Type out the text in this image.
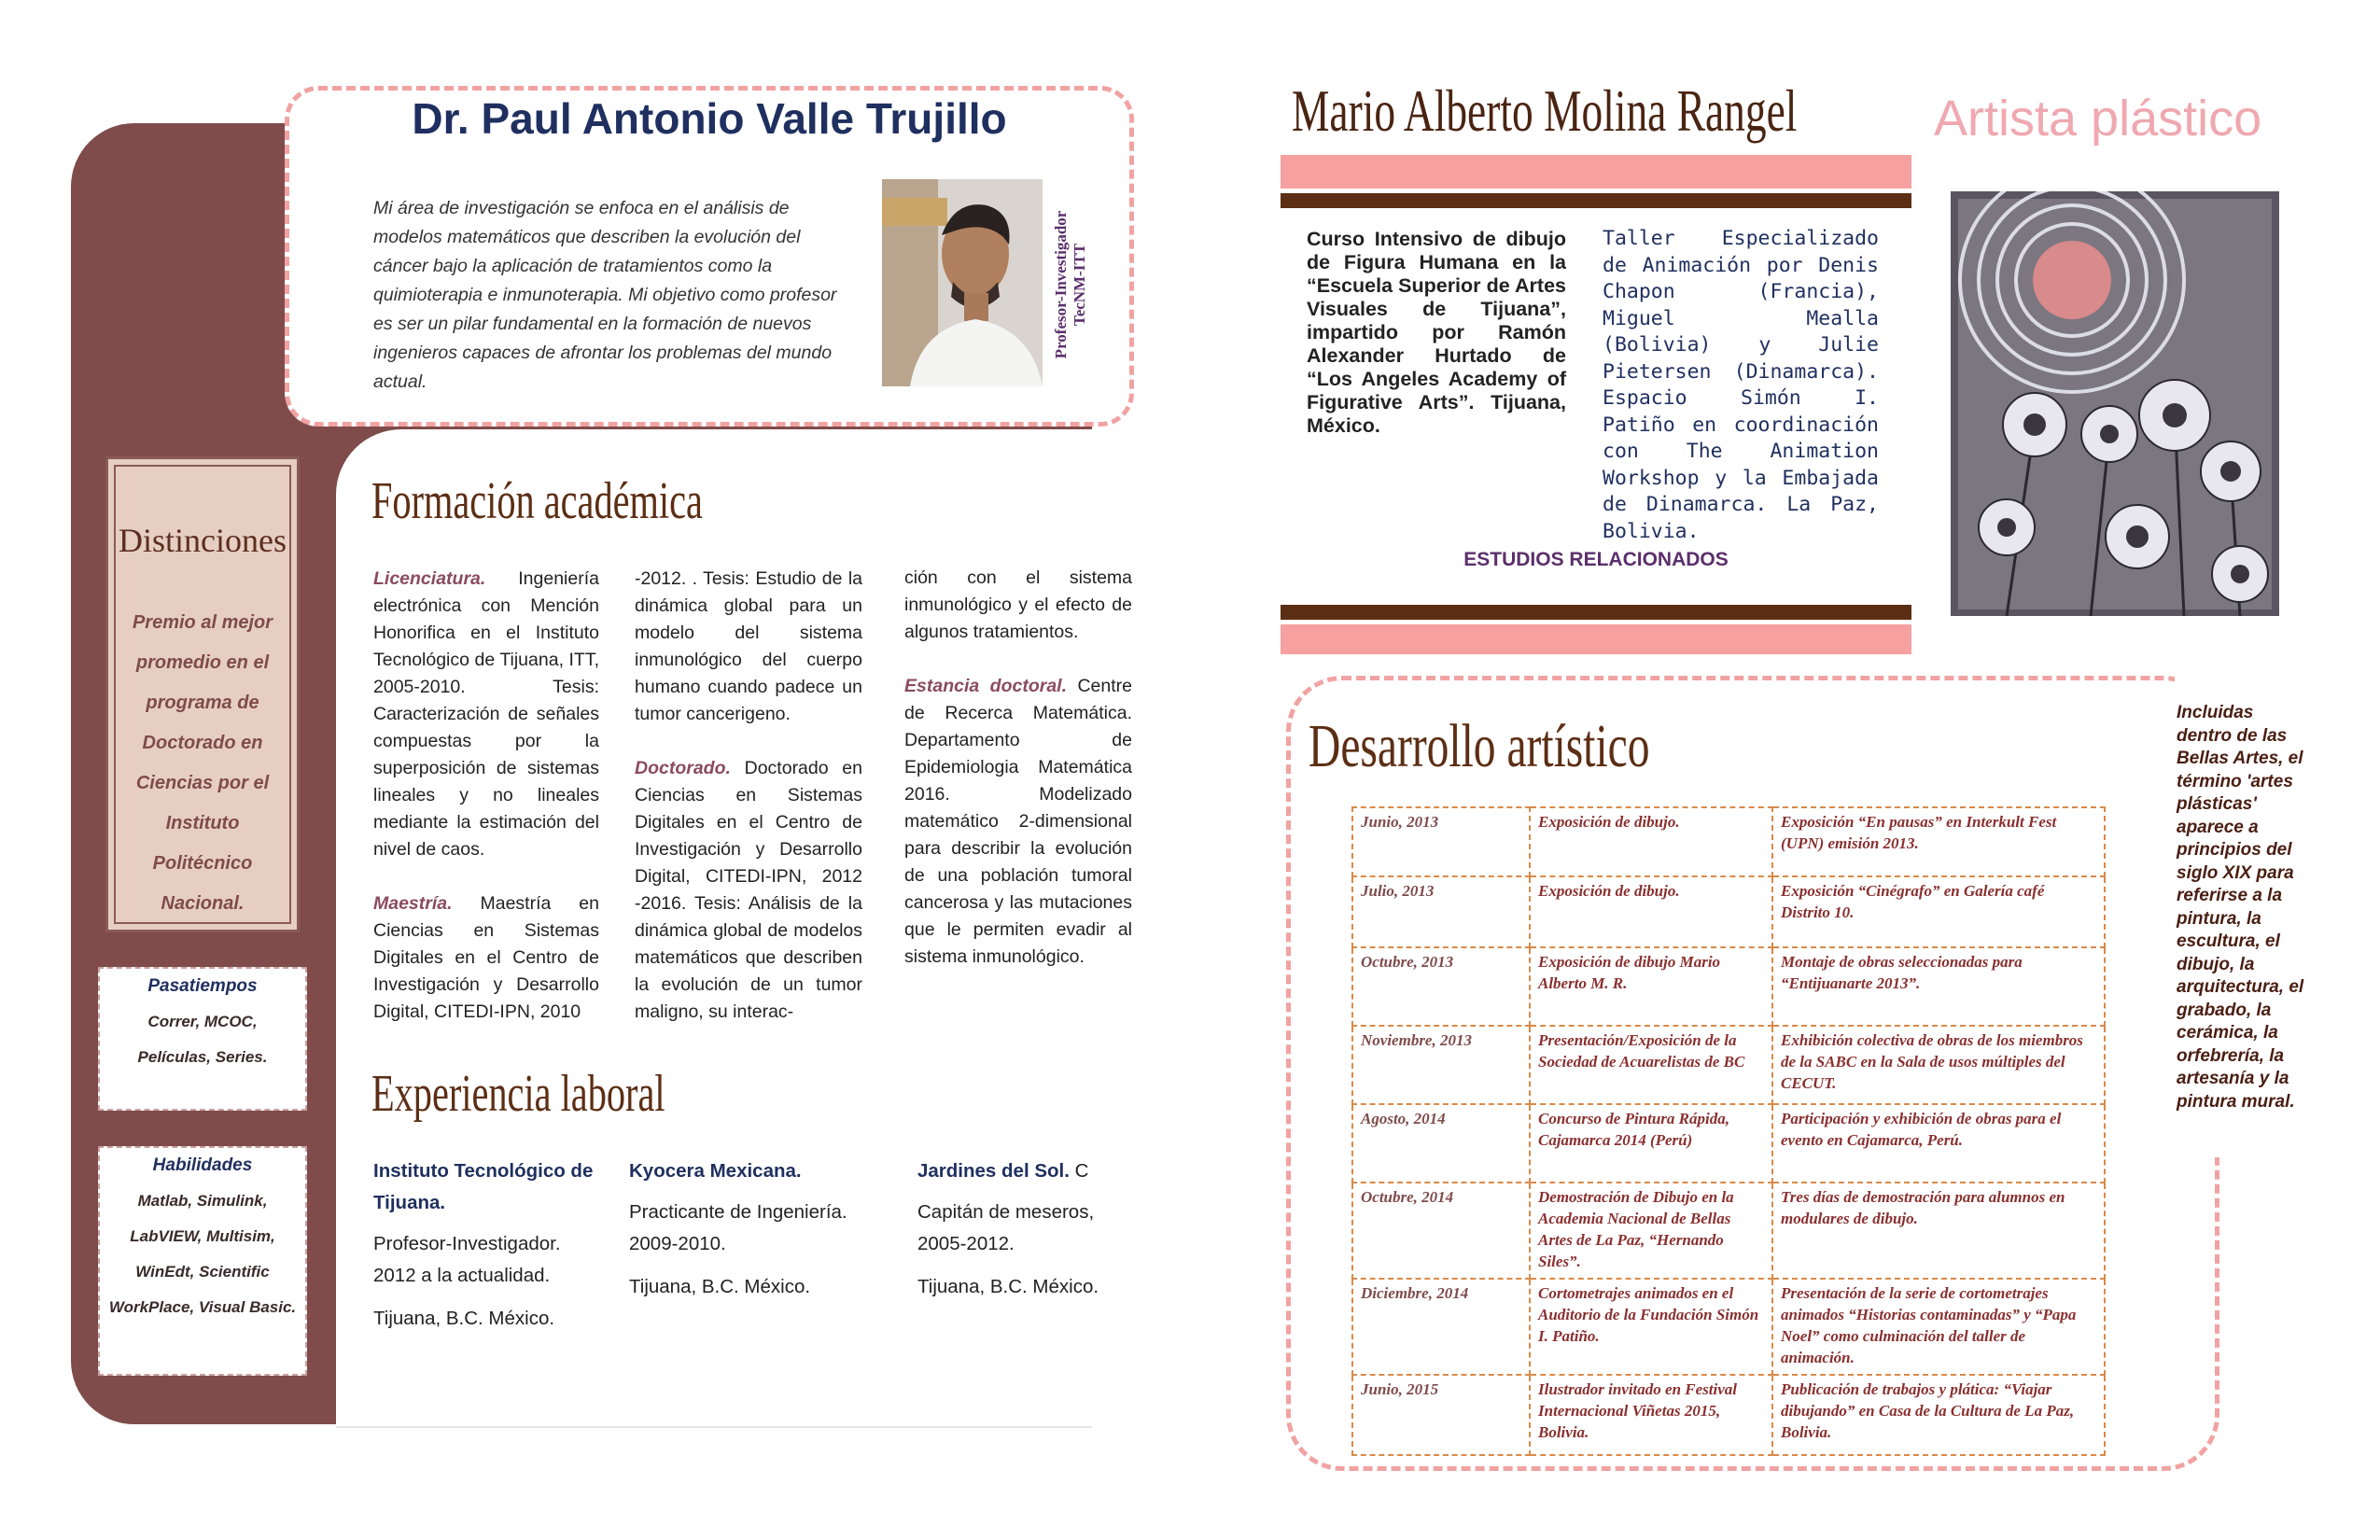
Dr. Paul Antonio Valle Trujillo
Mi área de investigación se enfoca en el análisis de modelos matemáticos que describen la evolución del cáncer bajo la aplicación de tratamientos como la quimioterapia e inmunoterapia. Mi objetivo como profesor es ser un pilar fundamental en la formación de nuevos ingenieros capaces de afrontar los problemas del mundo actual.
Profesor-Investigador
TecNM-ITT
Distinciones
Premio al mejor promedio en el programa de Doctorado en Ciencias por el Instituto Politécnico Nacional.
Pasatiempos
Correr, MCOC, Películas, Series.
Habilidades
Matlab, Simulink, LabVIEW, Multisim, WinEdt, Scientific WorkPlace, Visual Basic.
Formación académica
Licenciatura. Ingeniería electrónica con Mención Honorifica en el Instituto Tecnológico de Tijuana, ITT, 2005-2010. Tesis: Caracterización de señales compuestas por la superposición de sistemas lineales y no lineales mediante la estimación del nivel de caos.
Maestría. Maestría en Ciencias en Sistemas Digitales en el Centro de Investigación y Desarrollo Digital, CITEDI-IPN, 2010
-2012. . Tesis: Estudio de la dinámica global para un modelo del sistema inmunológico del cuerpo humano cuando padece un tumor cancerigeno.
Doctorado. Doctorado en Ciencias en Sistemas Digitales en el Centro de Investigación y Desarrollo Digital, CITEDI-IPN, 2012 -2016. Tesis: Análisis de la dinámica global de modelos matemáticos que describen la evolución de un tumor maligno, su interac-
ción con el sistema inmunológico y el efecto de algunos tratamientos.
Estancia doctoral. Centre de Recerca Matemática. Departamento de Epidemiologia Matemática 2016. Modelizado matemático 2-dimensional para describir la evolución de una población tumoral cancerosa y las mutaciones que le permiten evadir al sistema inmunológico.
Experiencia laboral
Instituto Tecnológico de Tijuana.
Profesor-Investigador.
2012 a la actualidad.
Tijuana, B.C. México.
Kyocera Mexicana.
Practicante de Ingeniería.
2009-2010.
Tijuana, B.C. México.
Jardines del Sol. C
Capitán de meseros,
2005-2012.
Tijuana, B.C. México.
Mario Alberto Molina Rangel	Artista plástico
Curso Intensivo de dibujo de Figura Humana en la “Escuela Superior de Artes Visuales de Tijuana”, impartido por Ramón Alexander Hurtado de “Los Angeles Academy of Figurative Arts”. Tijuana, México.
Taller Especializado de Animación por Denis Chapon (Francia), Miguel Mealla (Bolivia) y Julie Pietersen (Dinamarca). Espacio Simón I. Patiño en coordinación con The Animation Workshop y la Embajada de Dinamarca. La Paz, Bolivia.
ESTUDIOS RELACIONADOS
Desarrollo artístico
Junio, 2013	Exposición de dibujo.	Exposición “En pausas” en Interkult Fest (UPN) emisión 2013.
Julio, 2013	Exposición de dibujo.	Exposición “Cinégrafo” en Galería café Distrito 10.
Octubre, 2013	Exposición de dibujo Mario Alberto M. R.	Montaje de obras seleccionadas para “Entijuanarte 2013”.
Noviembre, 2013	Presentación/Exposición de la Sociedad de Acuarelistas de BC	Exhibición colectiva de obras de los miembros de la SABC en la Sala de usos múltiples del CECUT.
Agosto, 2014	Concurso de Pintura Rápida, Cajamarca 2014 (Perú)	Participación y exhibición de obras para el evento en Cajamarca, Perú.
Octubre, 2014	Demostración de Dibujo en la Academia Nacional de Bellas Artes de La Paz, “Hernando Siles”.	Tres días de demostración para alumnos en modulares de dibujo.
Diciembre, 2014	Cortometrajes animados en el Auditorio de la Fundación Simón I. Patiño.	Presentación de la serie de cortometrajes animados “Historias contaminadas” y “Papa Noel” como culminación del taller de animación.
Junio, 2015	Ilustrador invitado en Festival Internacional Viñetas 2015, Bolivia.	Publicación de trabajos y plática: “Viajar dibujando” en Casa de la Cultura de La Paz, Bolivia.
Incluidas dentro de las Bellas Artes, el término 'artes plásticas' aparece a principios del siglo XIX para referirse a la pintura, la escultura, el dibujo, la arquitectura, el grabado, la cerámica, la orfebrería, la artesanía y la pintura mural.
